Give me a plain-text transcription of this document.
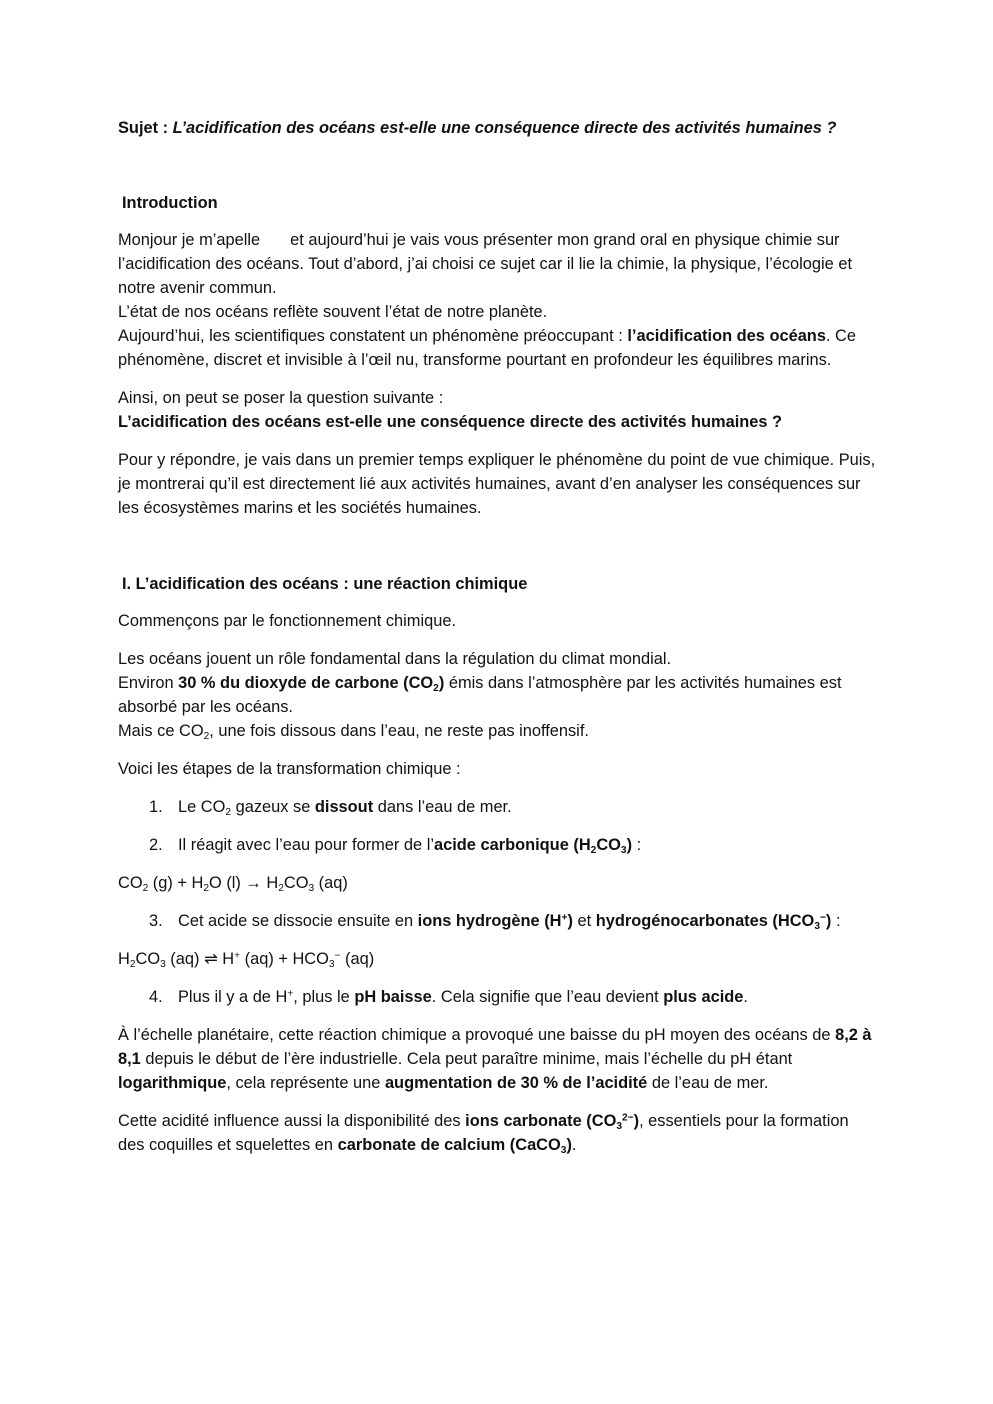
Sujet : L’acidification des océans est-elle une conséquence directe des activités humaines ?

Introduction

Monjour je m’apelle et aujourd’hui je vais vous présenter mon grand oral en physique chimie sur l’acidification des océans. Tout d’abord, j’ai choisi ce sujet car il lie la chimie, la physique, l’écologie et notre avenir commun.

L’état de nos océans reflète souvent l’état de notre planète.

Aujourd’hui, les scientifiques constatent un phénomène préoccupant : l’acidification des océans. Ce phénomène, discret et invisible à l’œil nu, transforme pourtant en profondeur les équilibres marins.

Ainsi, on peut se poser la question suivante :

L’acidification des océans est-elle une conséquence directe des activités humaines ?

Pour y répondre, je vais dans un premier temps expliquer le phénomène du point de vue chimique. Puis, je montrerai qu’il est directement lié aux activités humaines, avant d’en analyser les conséquences sur les écosystèmes marins et les sociétés humaines.

I. L’acidification des océans : une réaction chimique

Commençons par le fonctionnement chimique.

Les océans jouent un rôle fondamental dans la régulation du climat mondial.

Environ 30 % du dioxyde de carbone $(CO_2)$ émis dans l’atmosphère par les activités humaines est absorbé par les océans.

Mais ce $CO_2$, une fois dissous dans l’eau, ne reste pas inoffensif.

Voici les étapes de la transformation chimique :

1. Le $CO_2$ gazeux se dissout dans l’eau de mer.
2. Il réagit avec l’eau pour former de l’acide carbonique $(H_2CO_3)$ :

$CO_2$ $(g) + H_2O$ $(l) \to H_2CO_3$ (aq)

3. Cet acide se dissocie ensuite en ions hydrogène (H+) et hydrogénocarbonates $(HCO_3^-)$ :

$H_2CO_3$ (aq) ⇌ H+ $(aq) + HCO_3^-$ (aq)

4. Plus il y a de H+, plus le pH baisse. Cela signifie que l’eau devient plus acide.

À l’échelle planétaire, cette réaction chimique a provoqué une baisse du pH moyen des océans de 8,2 à 8,1 depuis le début de l’ère industrielle. Cela peut paraître minime, mais l’échelle du pH étant logarithmique, cela représente une augmentation de 30 % de l’acidité de l’eau de mer.

Cette acidité influence aussi la disponibilité des ions carbonate $(CO_3^{2-})$, essentiels pour la formation des coquilles et squelettes en carbonate de calcium (CaCO$_3$).
